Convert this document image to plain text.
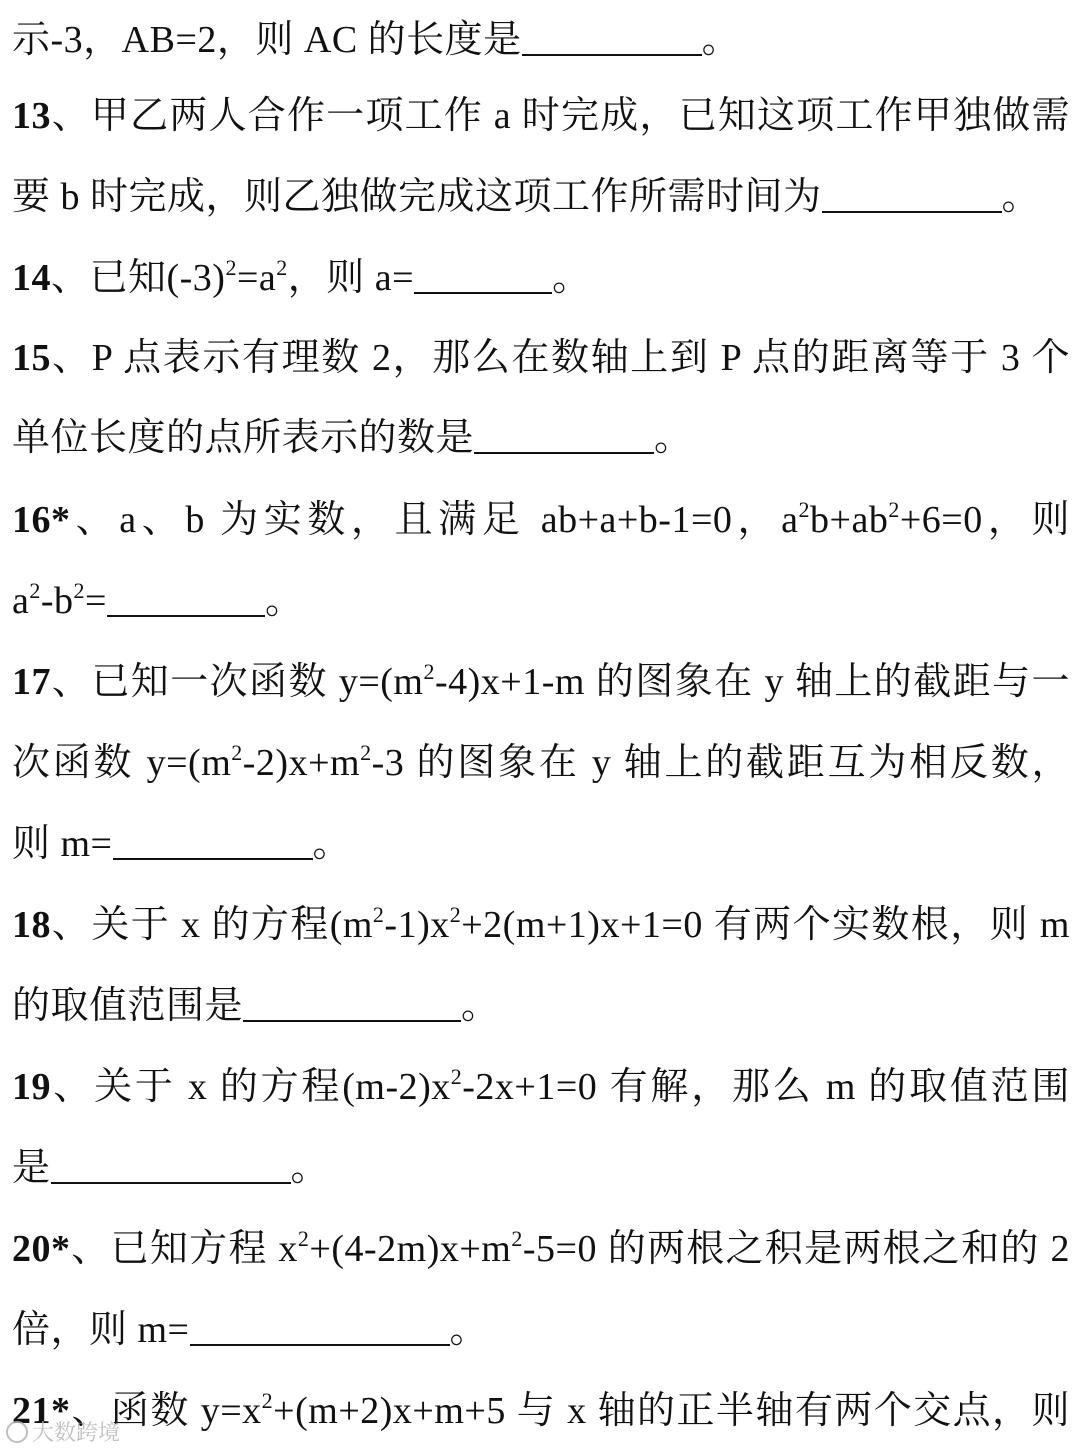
示-3，AB=2，则 AC 的长度是	。
13、甲乙两人合作一项工作 a 时完成，已知这项工作甲独做需
要 b 时完成，则乙独做完成这项工作所需时间为	。
14、已知$(-3)^2=a^2$，则 a=	。
15、P 点表示有理数 2，那么在数轴上到 P 点的距离等于 3 个
单位长度的点所表示的数是	。
16*、a、b 为实数，且满足 ab+a+b-1=0，$a^2b+ab^2+6=0$，则
$a^2-b^2=$	。
17、已知一次函数 $y=(m^2-4)x+1-m$ 的图象在 y 轴上的截距与一
次函数 $y=(m^2-2)x+m^2-3$ 的图象在 y 轴上的截距互为相反数，
则 m=	。
18、关于 x 的方程$(m^2-1)x^2+2(m+1)x+1=0$ 有两个实数根，则 m
的取值范围是	。
19、关于 x 的方程$(m-2)x^2-2x+1=0$ 有解，那么 m 的取值范围
是	。
20*、已知方程 $x^2+(4-2m)x+m^2-5=0$ 的两根之积是两根之和的 2
倍，则 m=	。
21*、函数 $y=x^2+(m+2)x+m+5$ 与 x 轴的正半轴有两个交点，则
大数跨境
